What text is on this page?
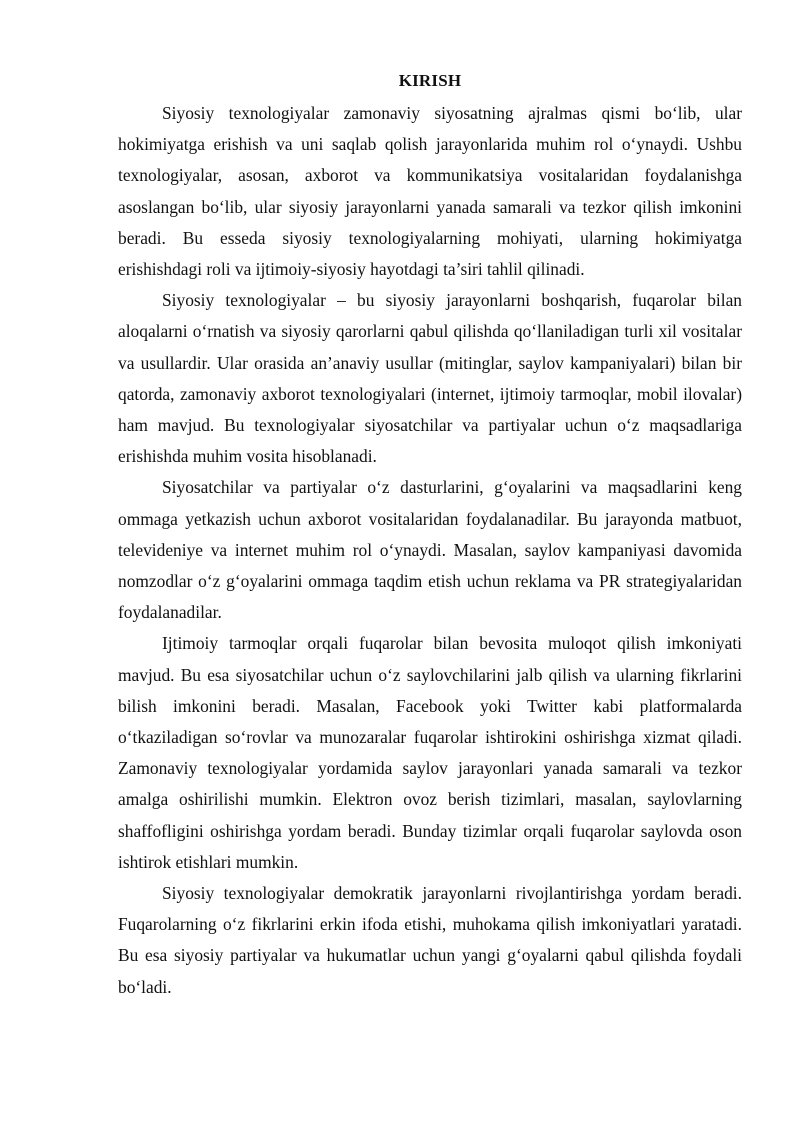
KIRISH

Siyosiy texnologiyalar zamonaviy siyosatning ajralmas qismi bo‘lib, ular hokimiyatga erishish va uni saqlab qolish jarayonlarida muhim rol o‘ynaydi. Ushbu texnologiyalar, asosan, axborot va kommunikatsiya vositalaridan foydalanishga asoslangan bo‘lib, ular siyosiy jarayonlarni yanada samarali va tezkor qilish imkonini beradi. Bu esseda siyosiy texnologiyalarning mohiyati, ularning hokimiyatga erishishdagi roli va ijtimoiy-siyosiy hayotdagi ta’siri tahlil qilinadi.

Siyosiy texnologiyalar – bu siyosiy jarayonlarni boshqarish, fuqarolar bilan aloqalarni o‘rnatish va siyosiy qarorlarni qabul qilishda qo‘llaniladigan turli xil vositalar va usullardir. Ular orasida an’anaviy usullar (mitinglar, saylov kampaniyalari) bilan bir qatorda, zamonaviy axborot texnologiyalari (internet, ijtimoiy tarmoqlar, mobil ilovalar) ham mavjud. Bu texnologiyalar siyosatchilar va partiyalar uchun o‘z maqsadlariga erishishda muhim vosita hisoblanadi.

Siyosatchilar va partiyalar o‘z dasturlarini, g‘oyalarini va maqsadlarini keng ommaga yetkazish uchun axborot vositalaridan foydalanadilar. Bu jarayonda matbuot, televideniye va internet muhim rol o‘ynaydi. Masalan, saylov kampaniyasi davomida nomzodlar o‘z g‘oyalarini ommaga taqdim etish uchun reklama va PR strategiyalaridan foydalanadilar.

Ijtimoiy tarmoqlar orqali fuqarolar bilan bevosita muloqot qilish imkoniyati mavjud. Bu esa siyosatchilar uchun o‘z saylovchilarini jalb qilish va ularning fikrlarini bilish imkonini beradi. Masalan, Facebook yoki Twitter kabi platformalarda o‘tkaziladigan so‘rovlar va munozaralar fuqarolar ishtirokini oshirishga xizmat qiladi. Zamonaviy texnologiyalar yordamida saylov jarayonlari yanada samarali va tezkor amalga oshirilishi mumkin. Elektron ovoz berish tizimlari, masalan, saylovlarning shaffofligini oshirishga yordam beradi. Bunday tizimlar orqali fuqarolar saylovda oson ishtirok etishlari mumkin.

Siyosiy texnologiyalar demokratik jarayonlarni rivojlantirishga yordam beradi. Fuqarolarning o‘z fikrlarini erkin ifoda etishi, muhokama qilish imkoniyatlari yaratadi. Bu esa siyosiy partiyalar va hukumatlar uchun yangi g‘oyalarni qabul qilishda foydali bo‘ladi.
